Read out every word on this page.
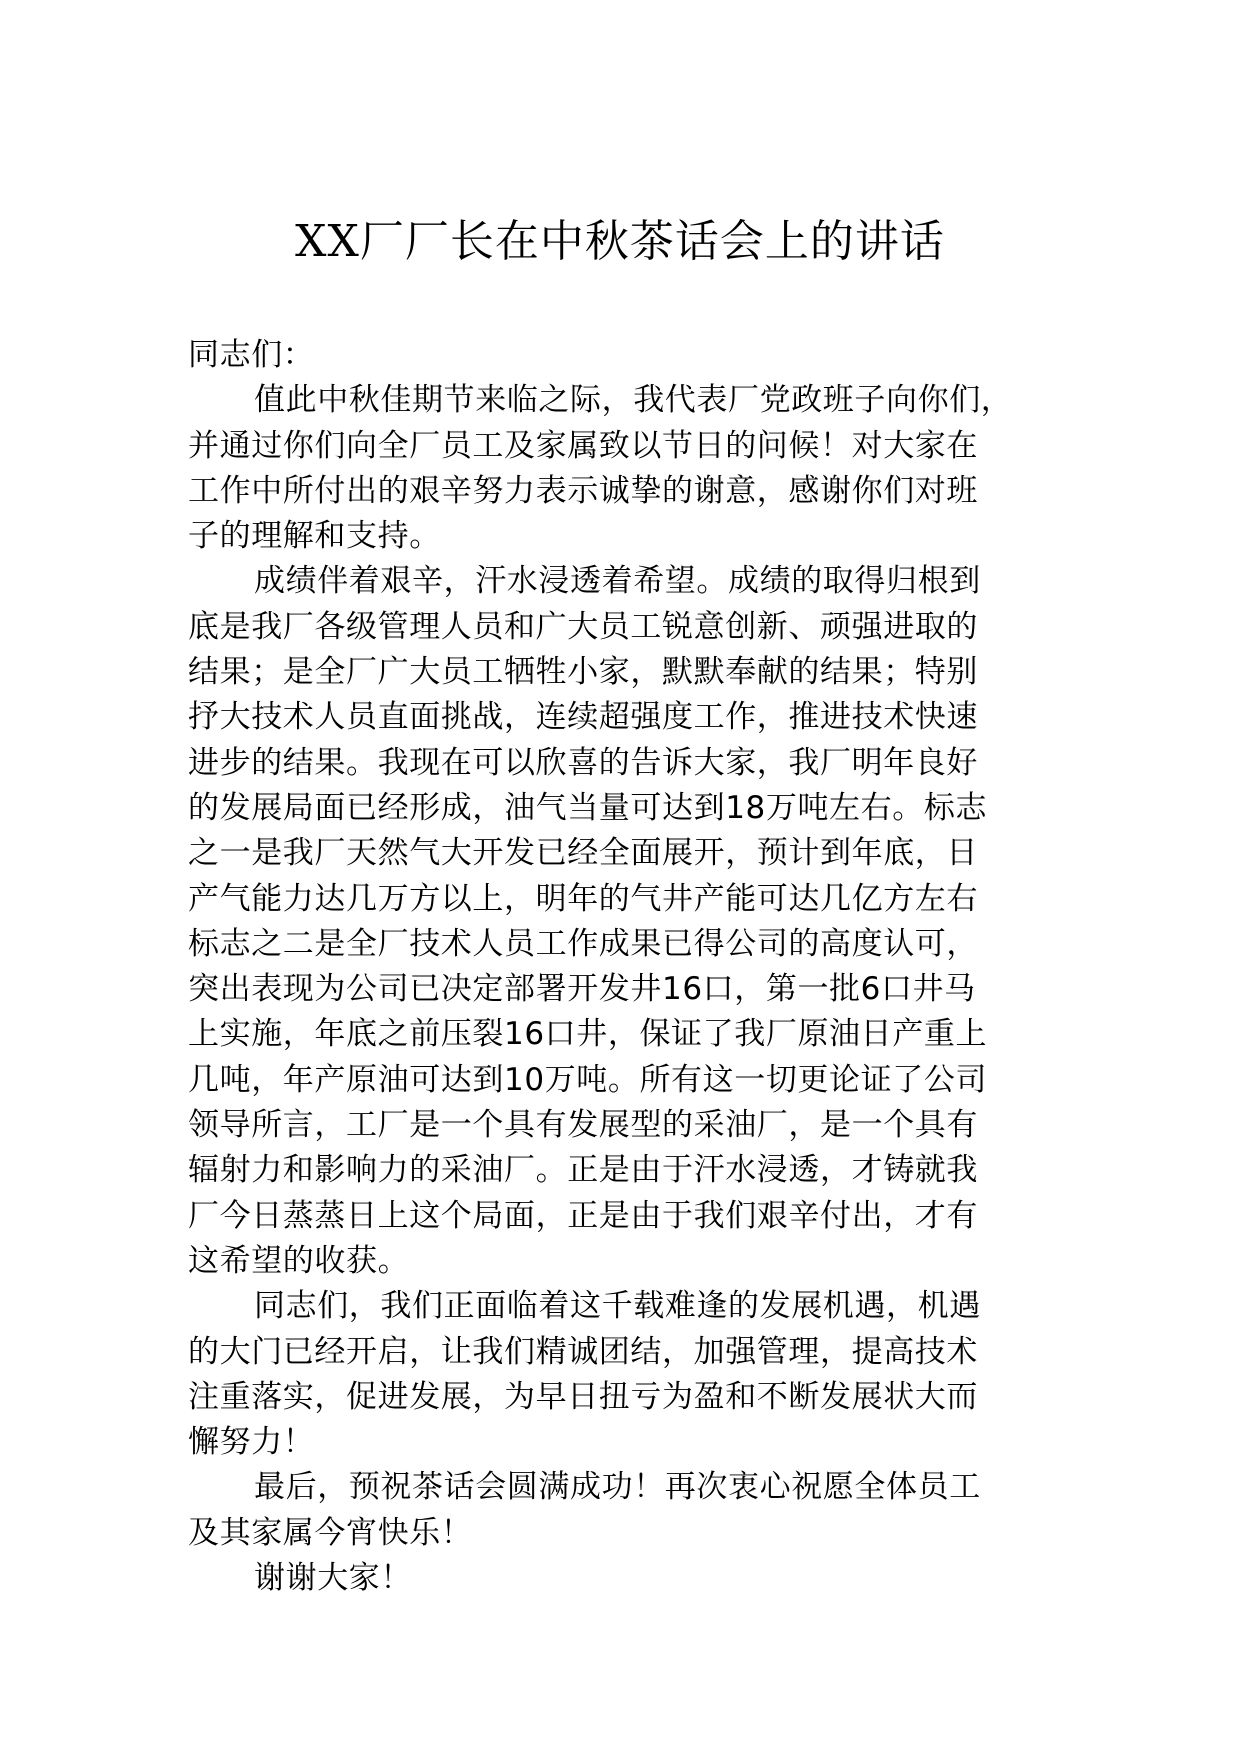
XX厂厂长在中秋茶话会上的讲话
同志们：
值此中秋佳期节来临之际，我代表厂党政班子向你们，
并通过你们向全厂员工及家属致以节日的问候！对大家在
工作中所付出的艰辛努力表示诚挚的谢意，感谢你们对班
子的理解和支持。
成绩伴着艰辛，汗水浸透着希望。成绩的取得归根到
底是我厂各级管理人员和广大员工锐意创新、顽强进取的
结果；是全厂广大员工牺牲小家，默默奉献的结果；特别
抒大技术人员直面挑战，连续超强度工作，推进技术快速
进步的结果。我现在可以欣喜的告诉大家，我厂明年良好
的发展局面已经形成，油气当量可达到18万吨左右。标志
之一是我厂天然气大开发已经全面展开，预计到年底，日
产气能力达几万方以上，明年的气井产能可达几亿方左右
标志之二是全厂技术人员工作成果已得公司的高度认可，
突出表现为公司已决定部署开发井16口，第一批6口井马
上实施，年底之前压裂16口井，保证了我厂原油日产重上
几吨，年产原油可达到10万吨。所有这一切更论证了公司
领导所言，工厂是一个具有发展型的采油厂，是一个具有
辐射力和影响力的采油厂。正是由于汗水浸透，才铸就我
厂今日蒸蒸日上这个局面，正是由于我们艰辛付出，才有
这希望的收获。
同志们，我们正面临着这千载难逢的发展机遇，机遇
的大门已经开启，让我们精诚团结，加强管理，提高技术
注重落实，促进发展，为早日扭亏为盈和不断发展状大而
懈努力！
最后，预祝茶话会圆满成功！再次衷心祝愿全体员工
及其家属今宵快乐！
谢谢大家！
